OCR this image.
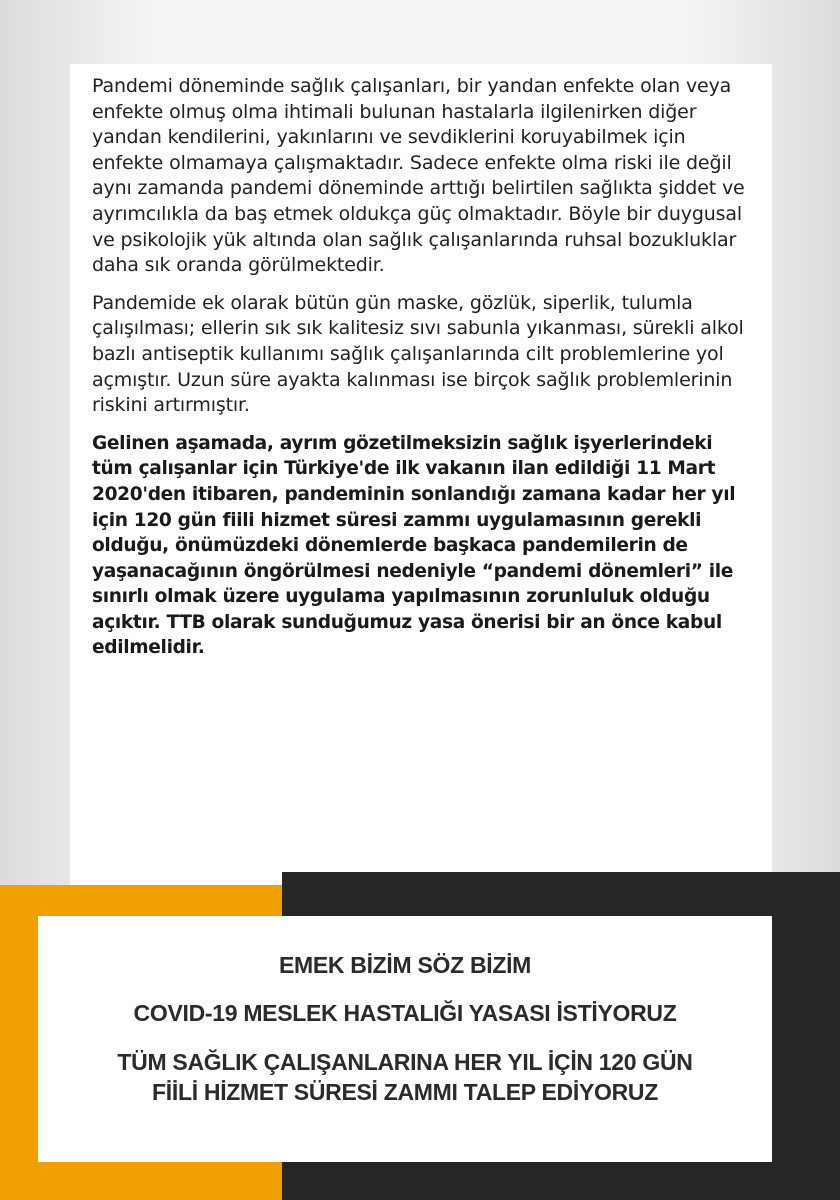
Pandemi döneminde sağlık çalışanları, bir yandan enfekte olan veya enfekte olmuş olma ihtimali bulunan hastalarla ilgilenirken diğer yandan kendilerini, yakınlarını ve sevdiklerini koruyabilmek için enfekte olmamaya çalışmaktadır. Sadece enfekte olma riski ile değil aynı zamanda pandemi döneminde arttığı belirtilen sağlıkta şiddet ve ayrımcılıkla da baş etmek oldukça güç olmaktadır. Böyle bir duygusal ve psikolojik yük altında olan sağlık çalışanlarında ruhsal bozukluklar daha sık oranda görülmektedir.

Pandemide ek olarak bütün gün maske, gözlük, siperlik, tulumla çalışılması; ellerin sık sık kalitesiz sıvı sabunla yıkanması, sürekli alkol bazlı antiseptik kullanımı sağlık çalışanlarında cilt problemlerine yol açmıştır. Uzun süre ayakta kalınması ise birçok sağlık problemlerinin riskini artırmıştır.

Gelinen aşamada, ayrım gözetilmeksizin sağlık işyerlerindeki tüm çalışanlar için Türkiye'de ilk vakanın ilan edildiği 11 Mart 2020'den itibaren, pandeminin sonlandığı zamana kadar her yıl için 120 gün fiili hizmet süresi zammı uygulamasının gerekli olduğu, önümüzdeki dönemlerde başkaca pandemilerin de yaşanacağının öngörülmesi nedeniyle “pandemi dönemleri” ile sınırlı olmak üzere uygulama yapılmasının zorunluluk olduğu açıktır. TTB olarak sunduğumuz yasa önerisi bir an önce kabul edilmelidir.

EMEK BİZİM SÖZ BİZİM
COVID-19 MESLEK HASTALIĞI YASASI İSTİYORUZ
TÜM SAĞLIK ÇALIŞANLARINA HER YIL İÇİN 120 GÜN
FİİLİ HİZMET SÜRESİ ZAMMI TALEP EDİYORUZ
